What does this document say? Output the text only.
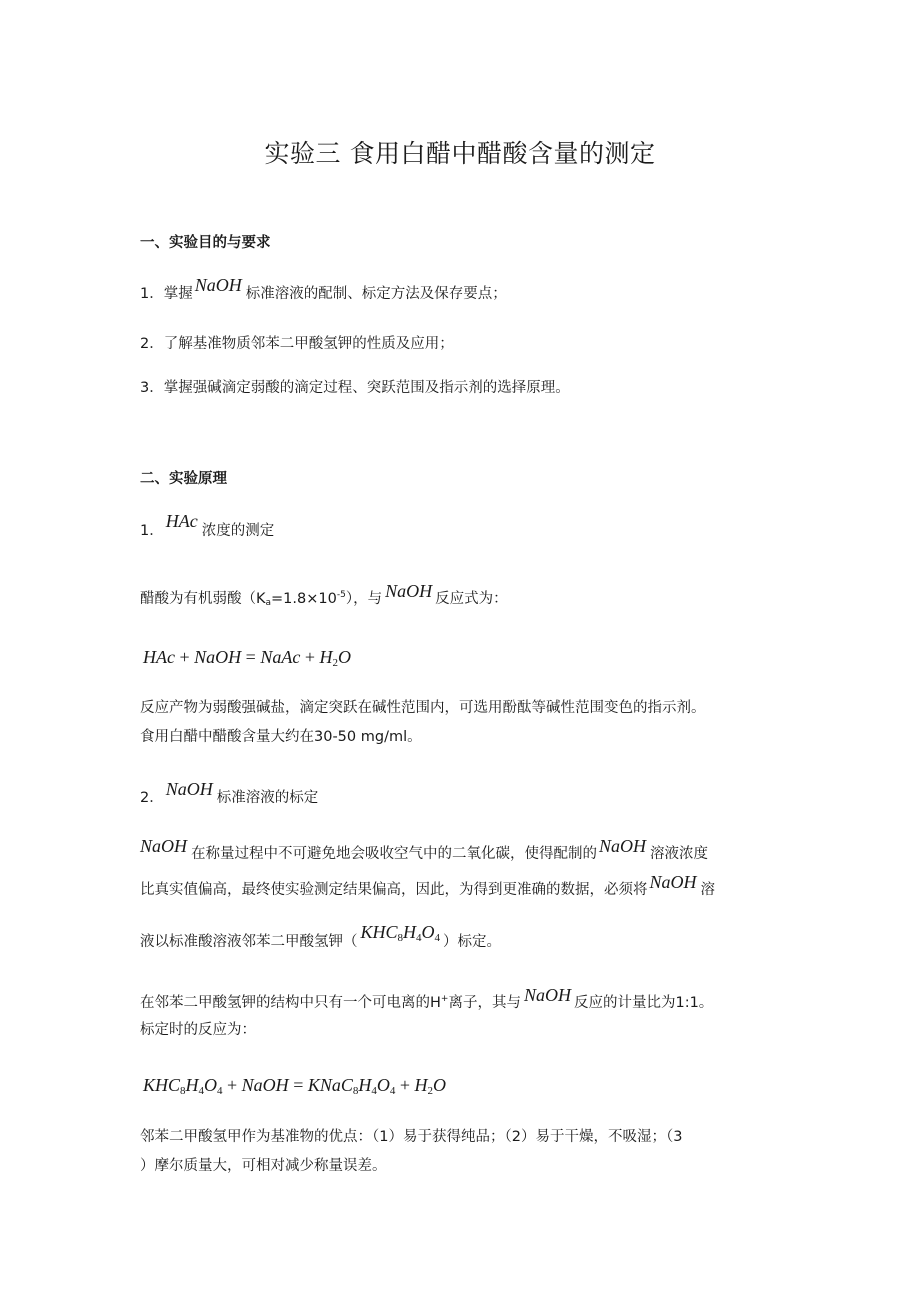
实验三 食用白醋中醋酸含量的测定
一、实验目的与要求
1．掌握 NaOH 标准溶液的配制、标定方法及保存要点；
2．了解基准物质邻苯二甲酸氢钾的性质及应用；
3．掌握强碱滴定弱酸的滴定过程、突跃范围及指示剂的选择原理。
二、实验原理
1． HAc 浓度的测定
醋酸为有机弱酸$(Ka=1.8\times 10^{-5})$，与 NaOH 反应式为：
HAc + NaOH = NaAc + $H_2O$
反应产物为弱酸强碱盐，滴定突跃在碱性范围内，可选用酚酞等碱性范围变色的指示剂。
食用白醋中醋酸含量大约在30-50 mg/ml。
2． NaOH 标准溶液的标定
NaOH 在称量过程中不可避免地会吸收空气中的二氧化碳，使得配制的 NaOH 溶液浓度
比真实值偏高，最终使实验测定结果偏高，因此，为得到更准确的数据，必须将 NaOH 溶
液以标准酸溶液邻苯二甲酸氢钾（ $KHC_8H_4O_4$ ）标定。
在邻苯二甲酸氢钾的结构中只有一个可电离的H+离子，其与 NaOH 反应的计量比为1:1。
标定时的反应为：
$KHC_8H_4O_4$ + NaOH = $KNaC_8H_4O_4 + H_2O$
邻苯二甲酸氢甲作为基准物的优点：（1）易于获得纯品；（2）易于干燥，不吸湿；（3
）摩尔质量大，可相对减少称量误差。
